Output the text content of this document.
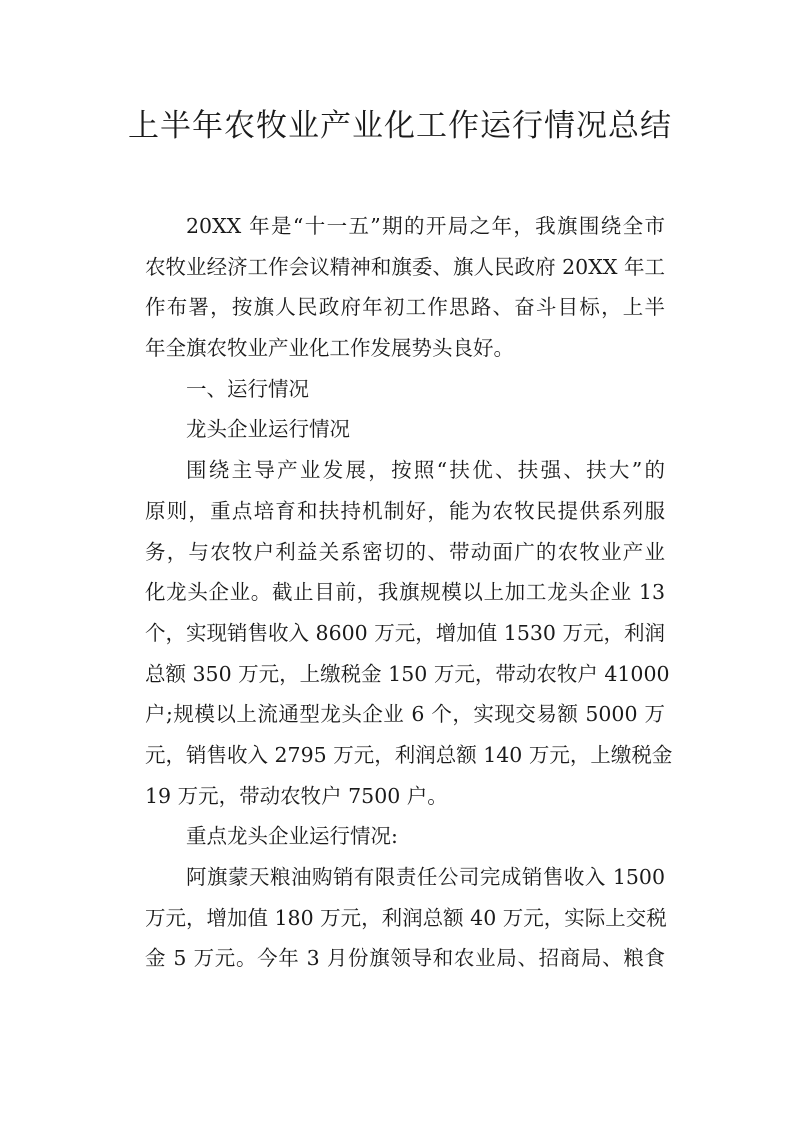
上半年农牧业产业化工作运行情况总结
20XX 年是“十一五”期的开局之年，我旗围绕全市
农牧业经济工作会议精神和旗委、旗人民政府 20XX 年工
作布署，按旗人民政府年初工作思路、奋斗目标，上半
年全旗农牧业产业化工作发展势头良好。
一、运行情况
龙头企业运行情况
围绕主导产业发展，按照“扶优、扶强、扶大”的
原则，重点培育和扶持机制好，能为农牧民提供系列服
务，与农牧户利益关系密切的、带动面广的农牧业产业
化龙头企业。截止目前，我旗规模以上加工龙头企业 13
个，实现销售收入 8600 万元，增加值 1530 万元，利润
总额 350 万元，上缴税金 150 万元，带动农牧户 41000
户;规模以上流通型龙头企业 6 个，实现交易额 5000 万
元，销售收入 2795 万元，利润总额 140 万元，上缴税金
19 万元，带动农牧户 7500 户。
重点龙头企业运行情况:
阿旗蒙天粮油购销有限责任公司完成销售收入 1500
万元，增加值 180 万元，利润总额 40 万元，实际上交税
金 5 万元。今年 3 月份旗领导和农业局、招商局、粮食
